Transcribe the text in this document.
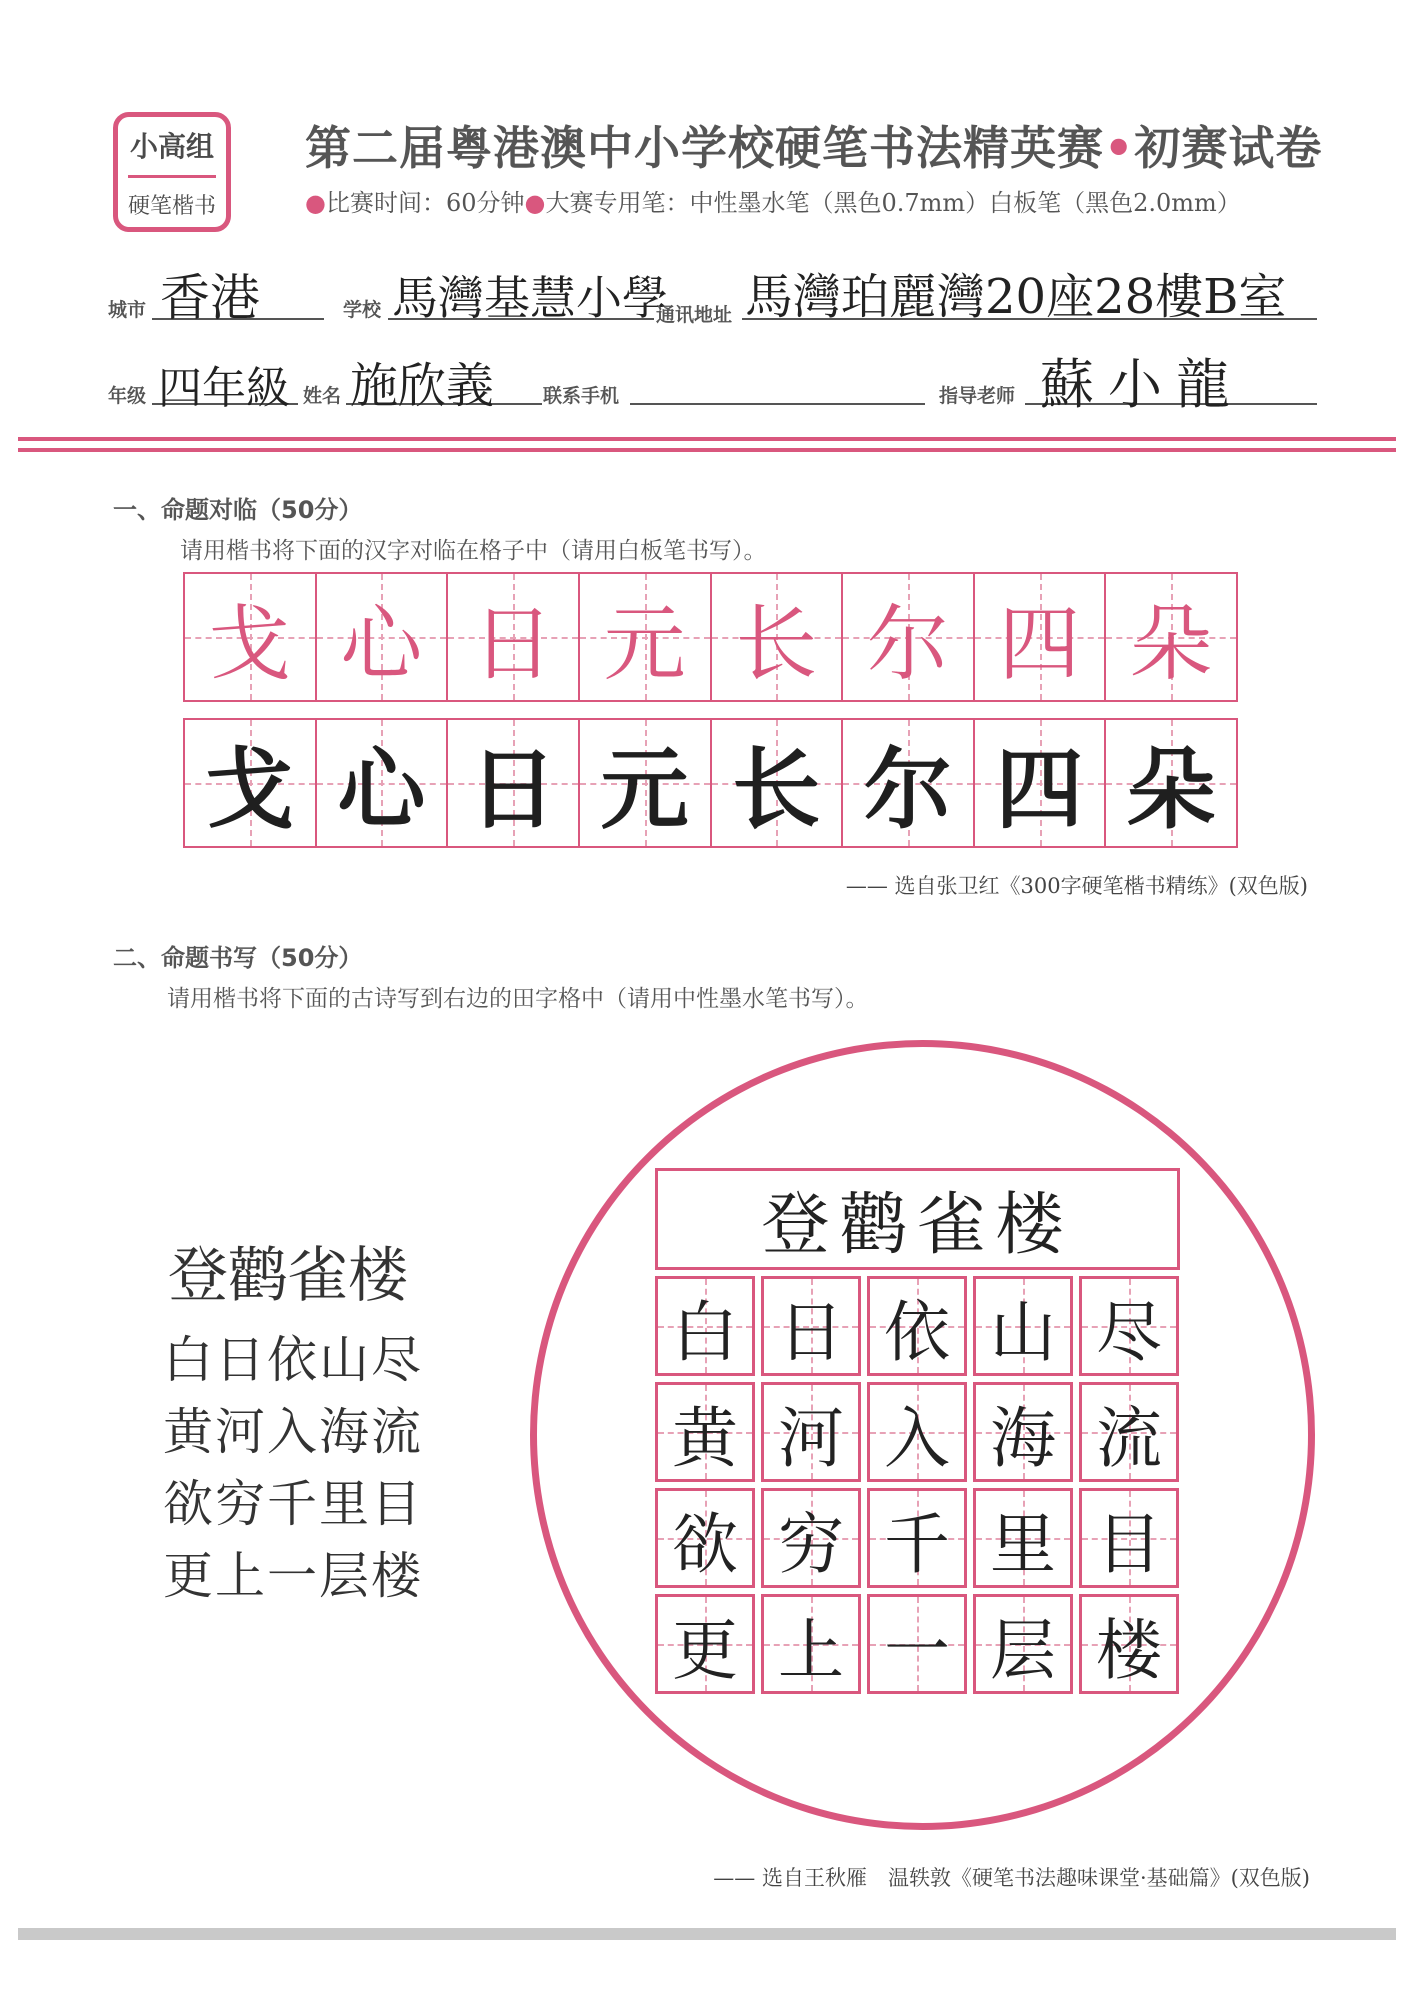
小高组
硬笔楷书
第二届粤港澳中小学校硬笔书法精英赛•初赛试卷
●比赛时间：60分钟●大赛专用笔：中性墨水笔（黑色0.7mm）白板笔（黑色2.0mm）
城市 香港	学校 馬灣基慧小學
通讯地址 馬灣珀麗灣20座28樓B室
年级 四年級 姓名 施欣義	联系手机	指导老师 蘇小龍
一、命题对临（50分）
请用楷书将下面的汉字对临在格子中（请用白板笔书写）。
戈 心 日 元 长 尔 四 朵
戈 心 日 元 长 尔 四 朵
—— 选自张卫红《300字硬笔楷书精练》(双色版)
二、命题书写（50分）
请用楷书将下面的古诗写到右边的田字格中（请用中性墨水笔书写）。
登鹳雀楼
白日依山尽
黄河入海流
欲穷千里目
更上一层楼
登鹳雀楼
白 日 依 山 尽
黄 河 入 海 流
欲 穷 千 里 目
更 上 一 层 楼
—— 选自王秋雁　温轶敦《硬笔书法趣味课堂·基础篇》(双色版)
